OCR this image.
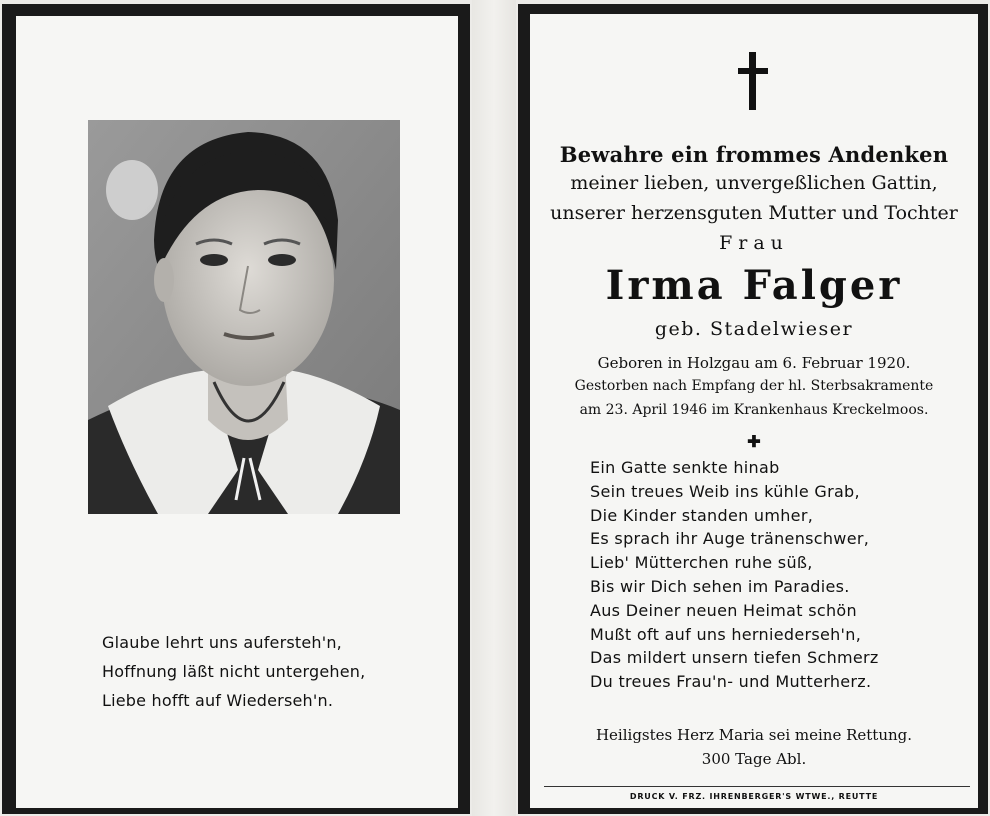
Glaube lehrt uns aufersteh'n,
Hoffnung läßt nicht untergehen,
Liebe hofft auf Wiederseh'n.
Bewahre ein frommes Andenken
meiner lieben, unvergeßlichen Gattin,
unserer herzensguten Mutter und Tochter
Frau
Irma Falger
geb. Stadelwieser
Geboren in Holzgau am 6. Februar 1920.
Gestorben nach Empfang der hl. Sterbsakramente
am 23. April 1946 im Krankenhaus Kreckelmoos.
✚
Ein Gatte senkte hinab
Sein treues Weib ins kühle Grab,
Die Kinder standen umher,
Es sprach ihr Auge tränenschwer,
Lieb' Mütterchen ruhe süß,
Bis wir Dich sehen im Paradies.
Aus Deiner neuen Heimat schön
Mußt oft auf uns herniederseh'n,
Das mildert unsern tiefen Schmerz
Du treues Frau'n- und Mutterherz.
Heiligstes Herz Maria sei meine Rettung.
300 Tage Abl.
DRUCK V. FRZ. IHRENBERGER'S WTWE., REUTTE
